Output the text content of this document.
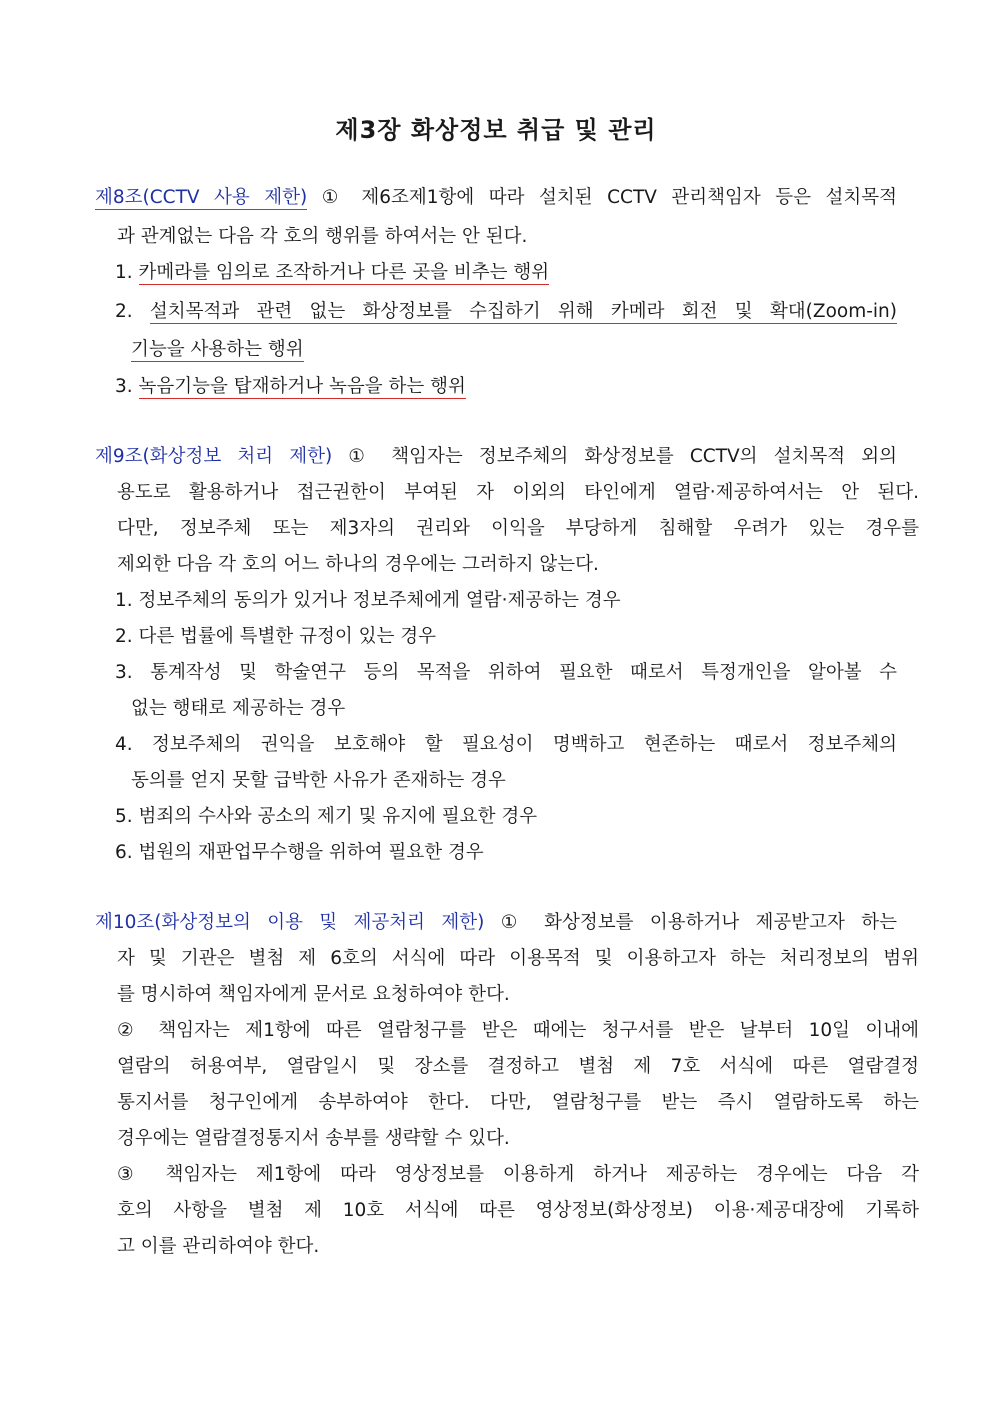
제3장 화상정보 취급 및 관리
제8조(CCTV 사용 제한) ① 제6조제1항에 따라 설치된 CCTV 관리책임자 등은 설치목적
과 관계없는 다음 각 호의 행위를 하여서는 안 된다.
1. 카메라를 임의로 조작하거나 다른 곳을 비추는 행위
2. 설치목적과 관련 없는 화상정보를 수집하기 위해 카메라 회전 및 확대(Zoom-in)
기능을 사용하는 행위
3. 녹음기능을 탑재하거나 녹음을 하는 행위
제9조(화상정보 처리 제한) ① 책임자는 정보주체의 화상정보를 CCTV의 설치목적 외의
용도로 활용하거나 접근권한이 부여된 자 이외의 타인에게 열람·제공하여서는 안 된다.
다만, 정보주체 또는 제3자의 권리와 이익을 부당하게 침해할 우려가 있는 경우를
제외한 다음 각 호의 어느 하나의 경우에는 그러하지 않는다.
1. 정보주체의 동의가 있거나 정보주체에게 열람·제공하는 경우
2. 다른 법률에 특별한 규정이 있는 경우
3. 통계작성 및 학술연구 등의 목적을 위하여 필요한 때로서 특정개인을 알아볼 수
없는 행태로 제공하는 경우
4. 정보주체의 권익을 보호해야 할 필요성이 명백하고 현존하는 때로서 정보주체의
동의를 얻지 못할 급박한 사유가 존재하는 경우
5. 범죄의 수사와 공소의 제기 및 유지에 필요한 경우
6. 법원의 재판업무수행을 위하여 필요한 경우
제10조(화상정보의 이용 및 제공처리 제한) ① 화상정보를 이용하거나 제공받고자 하는
자 및 기관은 별첨 제 6호의 서식에 따라 이용목적 및 이용하고자 하는 처리정보의 범위
를 명시하여 책임자에게 문서로 요청하여야 한다.
② 책임자는 제1항에 따른 열람청구를 받은 때에는 청구서를 받은 날부터 10일 이내에
열람의 허용여부, 열람일시 및 장소를 결정하고 별첨 제 7호 서식에 따른 열람결정
통지서를 청구인에게 송부하여야 한다. 다만, 열람청구를 받는 즉시 열람하도록 하는
경우에는 열람결정통지서 송부를 생략할 수 있다.
③ 책임자는 제1항에 따라 영상정보를 이용하게 하거나 제공하는 경우에는 다음 각
호의 사항을 별첨 제 10호 서식에 따른 영상정보(화상정보) 이용·제공대장에 기록하
고 이를 관리하여야 한다.
